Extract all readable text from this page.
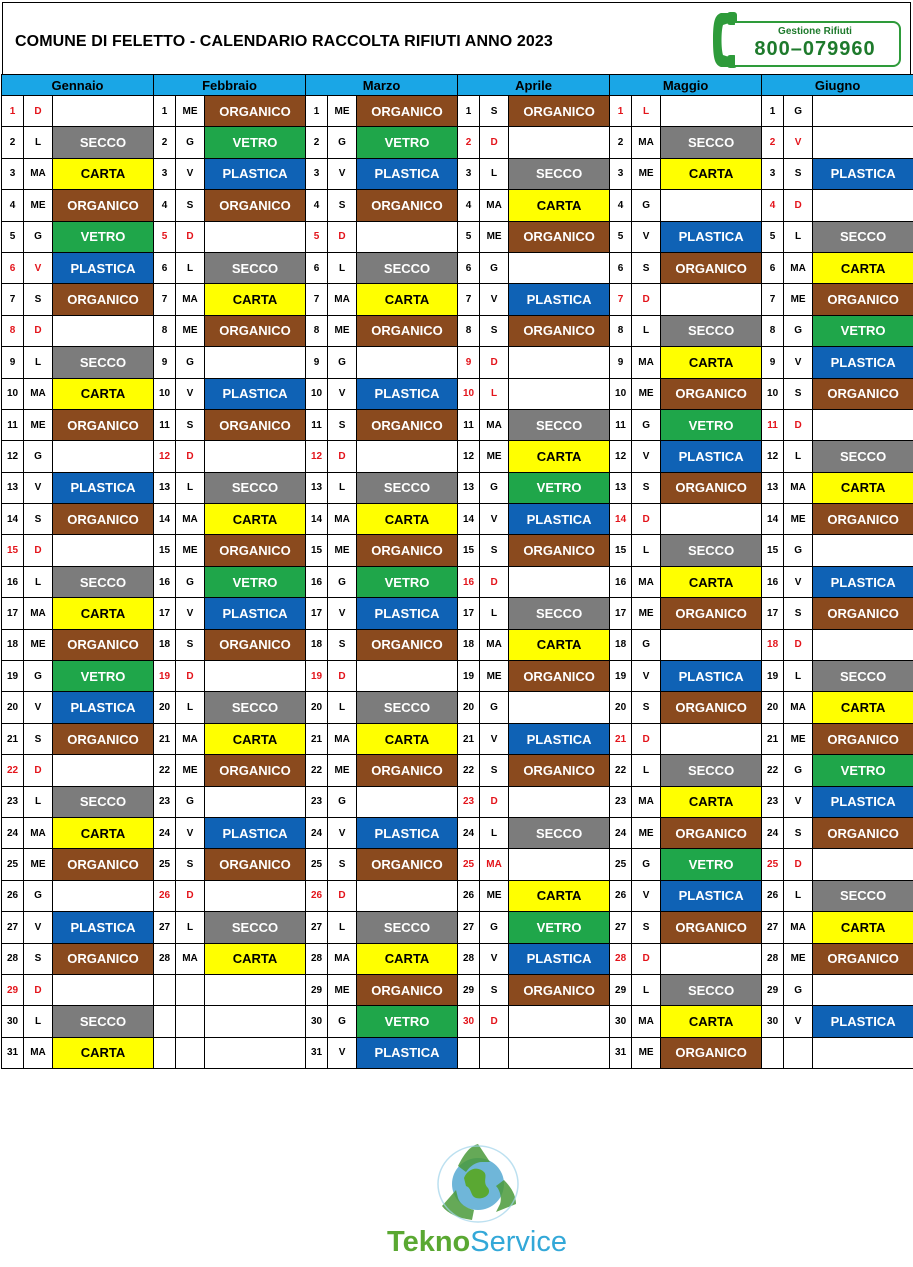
COMUNE DI FELETTO - CALENDARIO RACCOLTA RIFIUTI ANNO 2023
Gestione Rifiuti
800–079960
Gennaio			Febbraio			Marzo			Aprile			Maggio			Giugno		
1	D		1	ME	ORGANICO	1	ME	ORGANICO	1	S	ORGANICO	1	L		1	G	
2	L	SECCO	2	G	VETRO	2	G	VETRO	2	D		2	MA	SECCO	2	V	
3	MA	CARTA	3	V	PLASTICA	3	V	PLASTICA	3	L	SECCO	3	ME	CARTA	3	S	PLASTICA
4	ME	ORGANICO	4	S	ORGANICO	4	S	ORGANICO	4	MA	CARTA	4	G		4	D	
5	G	VETRO	5	D		5	D		5	ME	ORGANICO	5	V	PLASTICA	5	L	SECCO
6	V	PLASTICA	6	L	SECCO	6	L	SECCO	6	G		6	S	ORGANICO	6	MA	CARTA
7	S	ORGANICO	7	MA	CARTA	7	MA	CARTA	7	V	PLASTICA	7	D		7	ME	ORGANICO
8	D		8	ME	ORGANICO	8	ME	ORGANICO	8	S	ORGANICO	8	L	SECCO	8	G	VETRO
9	L	SECCO	9	G		9	G		9	D		9	MA	CARTA	9	V	PLASTICA
10	MA	CARTA	10	V	PLASTICA	10	V	PLASTICA	10	L		10	ME	ORGANICO	10	S	ORGANICO
11	ME	ORGANICO	11	S	ORGANICO	11	S	ORGANICO	11	MA	SECCO	11	G	VETRO	11	D	
12	G		12	D		12	D		12	ME	CARTA	12	V	PLASTICA	12	L	SECCO
13	V	PLASTICA	13	L	SECCO	13	L	SECCO	13	G	VETRO	13	S	ORGANICO	13	MA	CARTA
14	S	ORGANICO	14	MA	CARTA	14	MA	CARTA	14	V	PLASTICA	14	D		14	ME	ORGANICO
15	D		15	ME	ORGANICO	15	ME	ORGANICO	15	S	ORGANICO	15	L	SECCO	15	G	
16	L	SECCO	16	G	VETRO	16	G	VETRO	16	D		16	MA	CARTA	16	V	PLASTICA
17	MA	CARTA	17	V	PLASTICA	17	V	PLASTICA	17	L	SECCO	17	ME	ORGANICO	17	S	ORGANICO
18	ME	ORGANICO	18	S	ORGANICO	18	S	ORGANICO	18	MA	CARTA	18	G		18	D	
19	G	VETRO	19	D		19	D		19	ME	ORGANICO	19	V	PLASTICA	19	L	SECCO
20	V	PLASTICA	20	L	SECCO	20	L	SECCO	20	G		20	S	ORGANICO	20	MA	CARTA
21	S	ORGANICO	21	MA	CARTA	21	MA	CARTA	21	V	PLASTICA	21	D		21	ME	ORGANICO
22	D		22	ME	ORGANICO	22	ME	ORGANICO	22	S	ORGANICO	22	L	SECCO	22	G	VETRO
23	L	SECCO	23	G		23	G		23	D		23	MA	CARTA	23	V	PLASTICA
24	MA	CARTA	24	V	PLASTICA	24	V	PLASTICA	24	L	SECCO	24	ME	ORGANICO	24	S	ORGANICO
25	ME	ORGANICO	25	S	ORGANICO	25	S	ORGANICO	25	MA		25	G	VETRO	25	D	
26	G		26	D		26	D		26	ME	CARTA	26	V	PLASTICA	26	L	SECCO
27	V	PLASTICA	27	L	SECCO	27	L	SECCO	27	G	VETRO	27	S	ORGANICO	27	MA	CARTA
28	S	ORGANICO	28	MA	CARTA	28	MA	CARTA	28	V	PLASTICA	28	D		28	ME	ORGANICO
29	D					29	ME	ORGANICO	29	S	ORGANICO	29	L	SECCO	29	G	
30	L	SECCO				30	G	VETRO	30	D		30	MA	CARTA	30	V	PLASTICA
31	MA	CARTA				31	V	PLASTICA				31	ME	ORGANICO			
TeknoService
